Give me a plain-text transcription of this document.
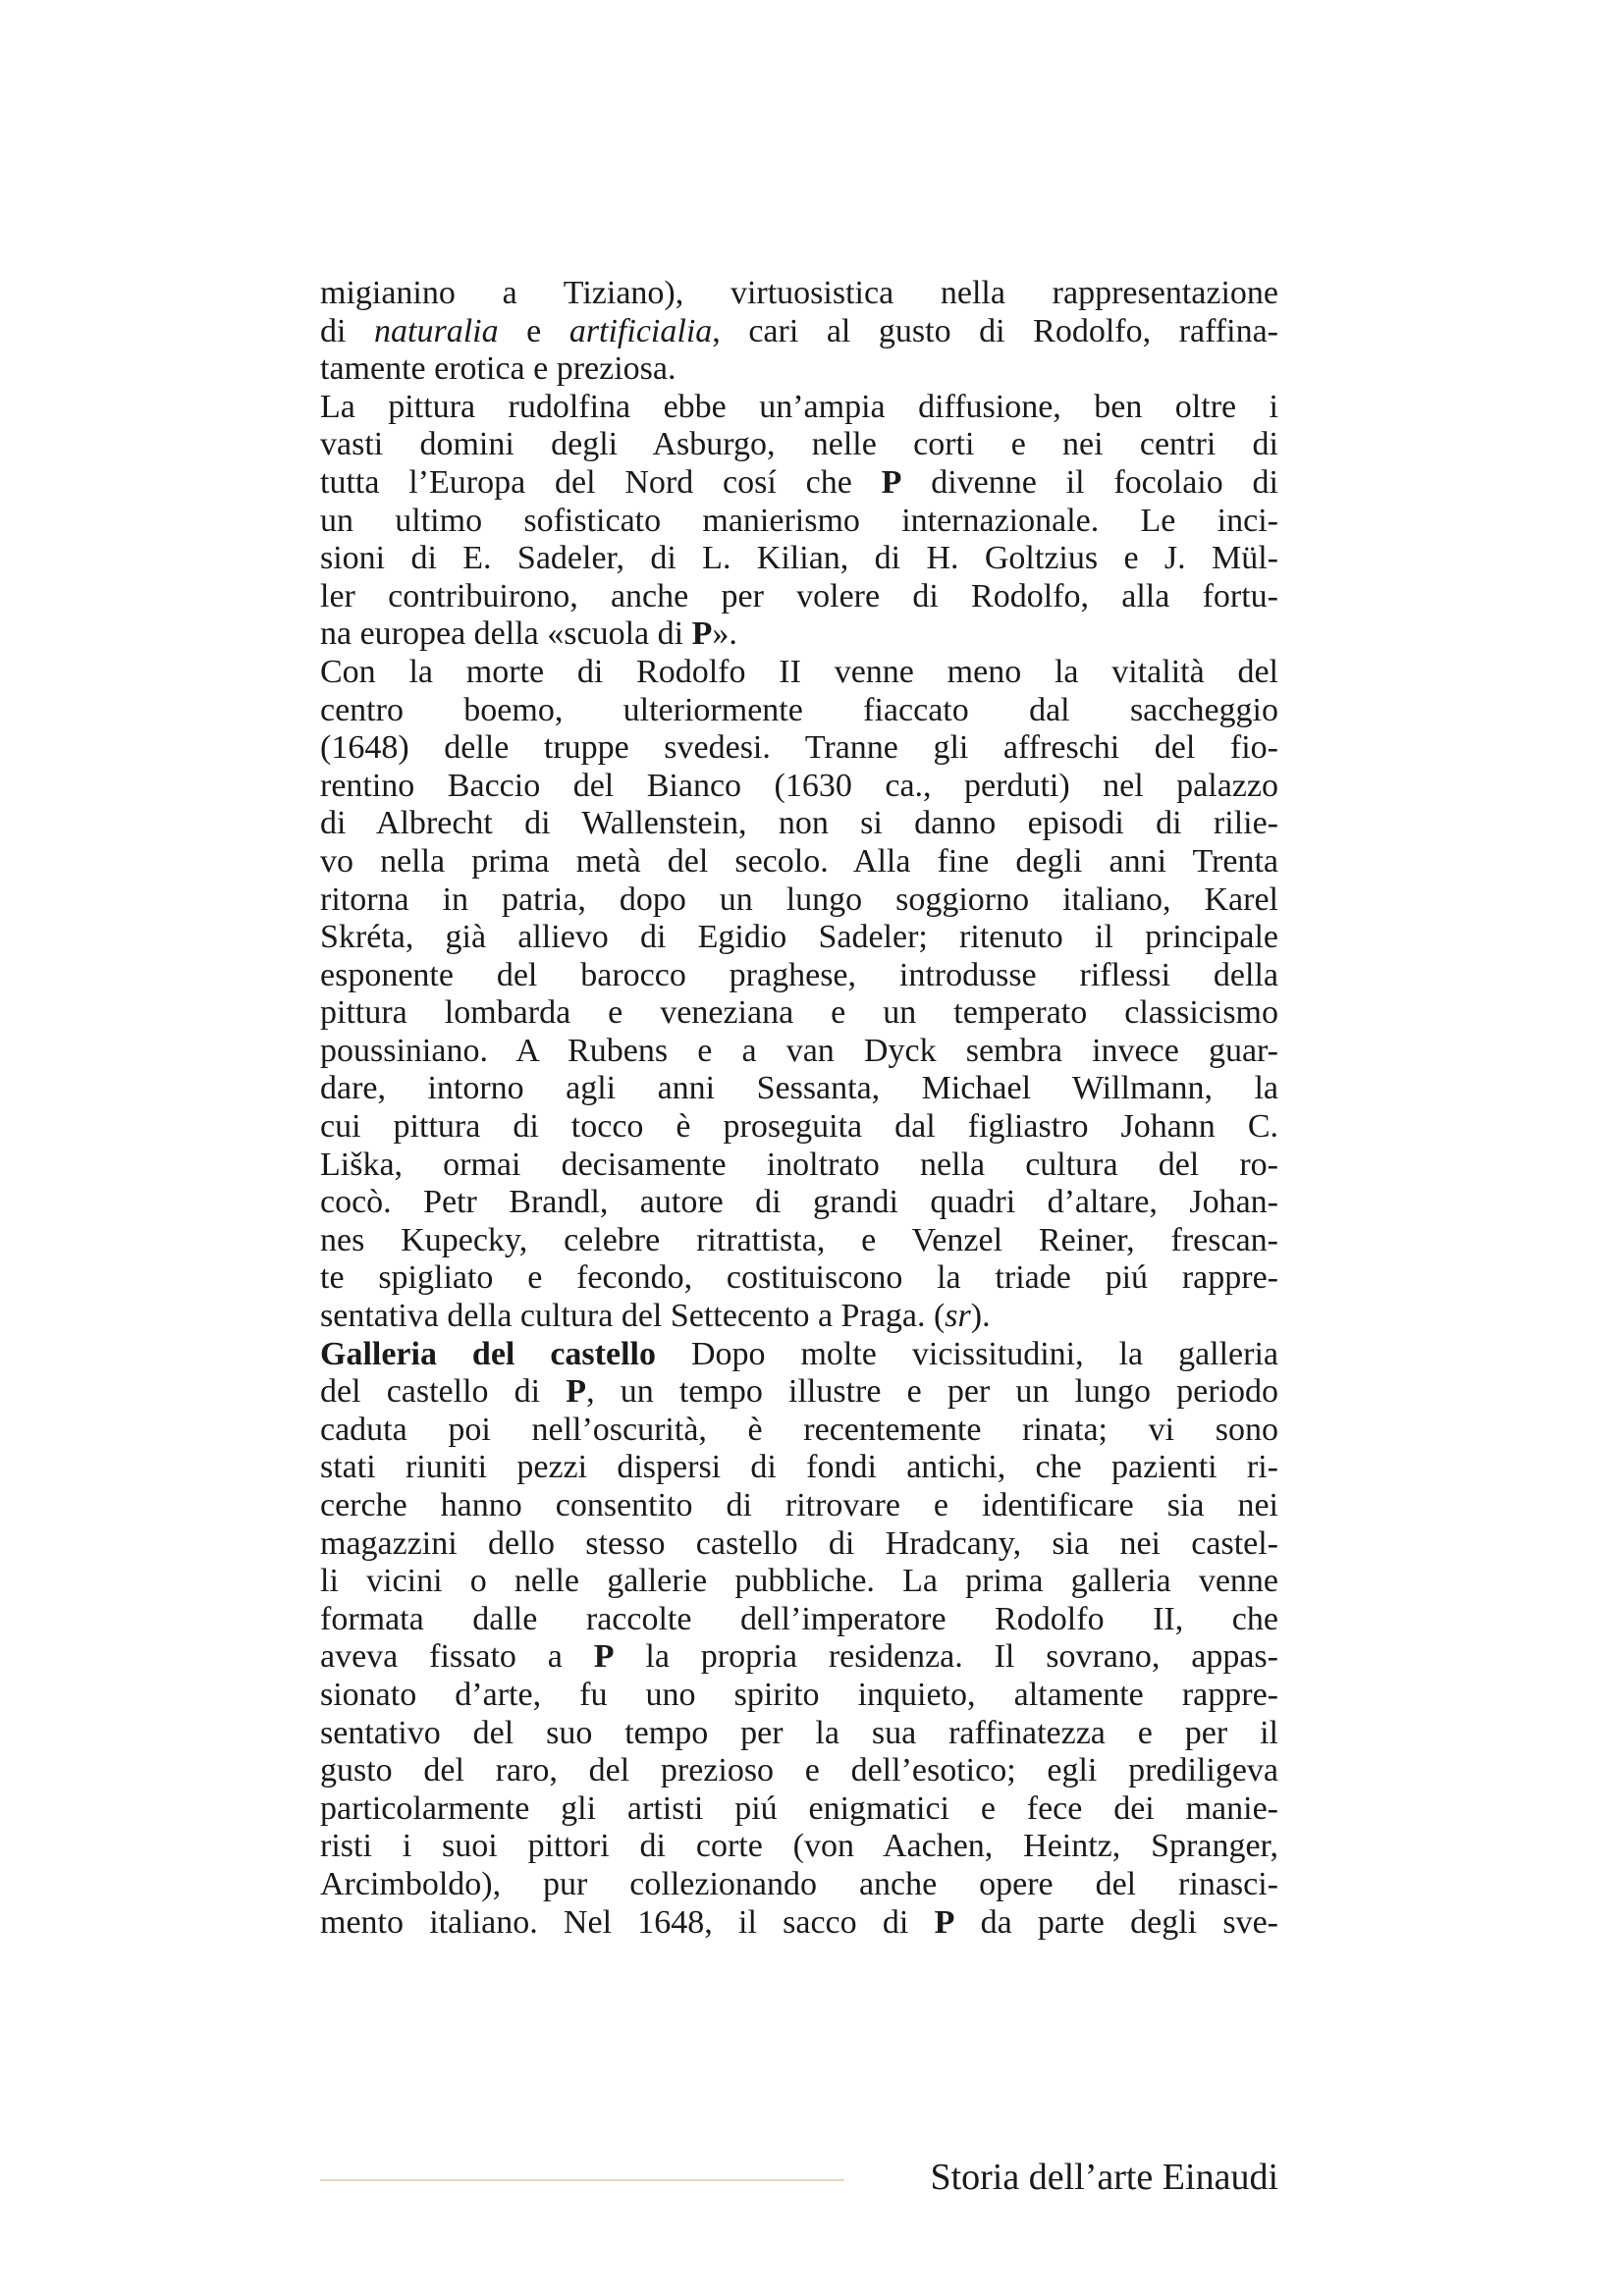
migianino a Tiziano), virtuosistica nella rappresentazione
di naturalia e artificialia, cari al gusto di Rodolfo, raffina-
tamente erotica e preziosa.
La pittura rudolfina ebbe un’ampia diffusione, ben oltre i
vasti domini degli Asburgo, nelle corti e nei centri di
tutta l’Europa del Nord cosí che P divenne il focolaio di
un ultimo sofisticato manierismo internazionale. Le inci-
sioni di E. Sadeler, di L. Kilian, di H. Goltzius e J. Mül-
ler contribuirono, anche per volere di Rodolfo, alla fortu-
na europea della «scuola di P».
Con la morte di Rodolfo II venne meno la vitalità del
centro boemo, ulteriormente fiaccato dal saccheggio
(1648) delle truppe svedesi. Tranne gli affreschi del fio-
rentino Baccio del Bianco (1630 ca., perduti) nel palazzo
di Albrecht di Wallenstein, non si danno episodi di rilie-
vo nella prima metà del secolo. Alla fine degli anni Trenta
ritorna in patria, dopo un lungo soggiorno italiano, Karel
Skréta, già allievo di Egidio Sadeler; ritenuto il principale
esponente del barocco praghese, introdusse riflessi della
pittura lombarda e veneziana e un temperato classicismo
poussiniano. A Rubens e a van Dyck sembra invece guar-
dare, intorno agli anni Sessanta, Michael Willmann, la
cui pittura di tocco è proseguita dal figliastro Johann C.
Liška, ormai decisamente inoltrato nella cultura del ro-
cocò. Petr Brandl, autore di grandi quadri d’altare, Johan-
nes Kupecky, celebre ritrattista, e Venzel Reiner, frescan-
te spigliato e fecondo, costituiscono la triade piú rappre-
sentativa della cultura del Settecento a Praga. (sr).
Galleria del castello Dopo molte vicissitudini, la galleria
del castello di P, un tempo illustre e per un lungo periodo
caduta poi nell’oscurità, è recentemente rinata; vi sono
stati riuniti pezzi dispersi di fondi antichi, che pazienti ri-
cerche hanno consentito di ritrovare e identificare sia nei
magazzini dello stesso castello di Hradcany, sia nei castel-
li vicini o nelle gallerie pubbliche. La prima galleria venne
formata dalle raccolte dell’imperatore Rodolfo II, che
aveva fissato a P la propria residenza. Il sovrano, appas-
sionato d’arte, fu uno spirito inquieto, altamente rappre-
sentativo del suo tempo per la sua raffinatezza e per il
gusto del raro, del prezioso e dell’esotico; egli prediligeva
particolarmente gli artisti piú enigmatici e fece dei manie-
risti i suoi pittori di corte (von Aachen, Heintz, Spranger,
Arcimboldo), pur collezionando anche opere del rinasci-
mento italiano. Nel 1648, il sacco di P da parte degli sve-
Storia dell’arte Einaudi
